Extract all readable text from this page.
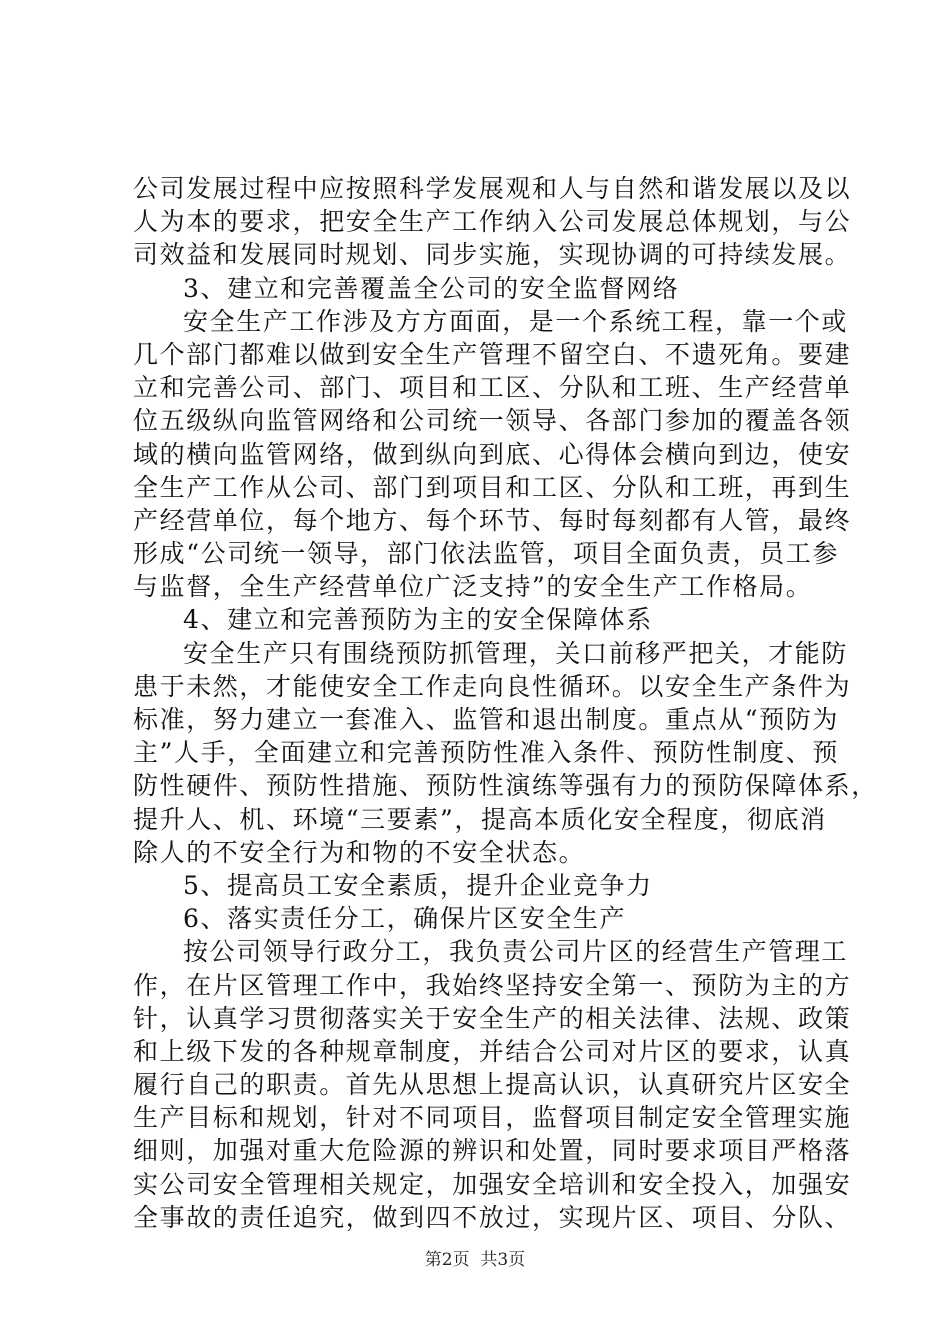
公司发展过程中应按照科学发展观和人与自然和谐发展以及以
人为本的要求，把安全生产工作纳入公司发展总体规划，与公
司效益和发展同时规划、同步实施，实现协调的可持续发展。
3、建立和完善覆盖全公司的安全监督网络
安全生产工作涉及方方面面，是一个系统工程，靠一个或
几个部门都难以做到安全生产管理不留空白、不遗死角。要建
立和完善公司、部门、项目和工区、分队和工班、生产经营单
位五级纵向监管网络和公司统一领导、各部门参加的覆盖各领
域的横向监管网络，做到纵向到底、心得体会横向到边，使安
全生产工作从公司、部门到项目和工区、分队和工班，再到生
产经营单位，每个地方、每个环节、每时每刻都有人管，最终
形成“公司统一领导，部门依法监管，项目全面负责，员工参
与监督，全生产经营单位广泛支持”的安全生产工作格局。
4、建立和完善预防为主的安全保障体系
安全生产只有围绕预防抓管理，关口前移严把关，才能防
患于未然，才能使安全工作走向良性循环。以安全生产条件为
标准，努力建立一套准入、监管和退出制度。重点从“预防为
主”人手，全面建立和完善预防性准入条件、预防性制度、预
防性硬件、预防性措施、预防性演练等强有力的预防保障体系，
提升人、机、环境“三要素”，提高本质化安全程度，彻底消
除人的不安全行为和物的不安全状态。
5、提高员工安全素质，提升企业竞争力
6、落实责任分工，确保片区安全生产
按公司领导行政分工，我负责公司片区的经营生产管理工
作，在片区管理工作中，我始终坚持安全第一、预防为主的方
针，认真学习贯彻落实关于安全生产的相关法律、法规、政策
和上级下发的各种规章制度，并结合公司对片区的要求，认真
履行自己的职责。首先从思想上提高认识，认真研究片区安全
生产目标和规划，针对不同项目，监督项目制定安全管理实施
细则，加强对重大危险源的辨识和处置，同时要求项目严格落
实公司安全管理相关规定，加强安全培训和安全投入，加强安
全事故的责任追究，做到四不放过，实现片区、项目、分队、
第2页  共3页
